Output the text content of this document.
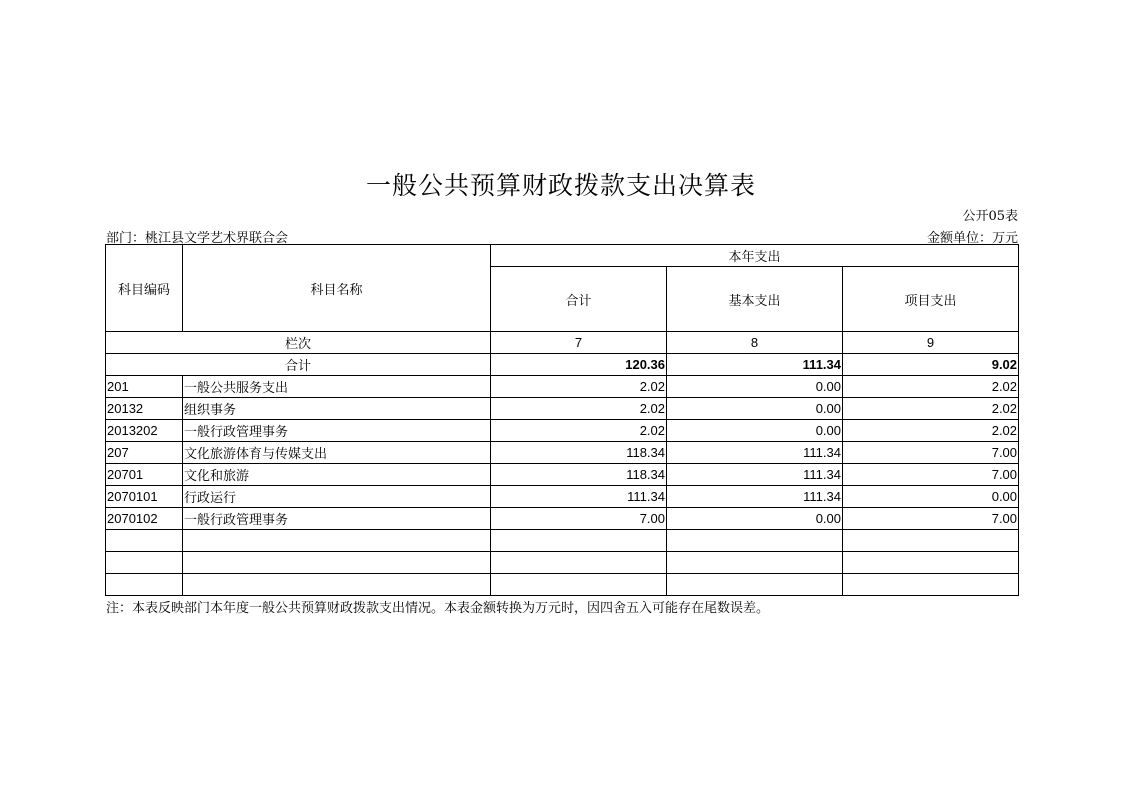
一般公共预算财政拨款支出决算表
公开05表
部门：桃江县文学艺术界联合会	金额单位：万元
科目编码	科目名称	本年支出		
		合计	基本支出	项目支出
栏次		7	8	9
合计		120.36	111.34	9.02
201	一般公共服务支出	2.02	0.00	2.02
20132	组织事务	2.02	0.00	2.02
2013202	一般行政管理事务	2.02	0.00	2.02
207	文化旅游体育与传媒支出	118.34	111.34	7.00
20701	文化和旅游	118.34	111.34	7.00
2070101	行政运行	111.34	111.34	0.00
2070102	一般行政管理事务	7.00	0.00	7.00

注：本表反映部门本年度一般公共预算财政拨款支出情况。本表金额转换为万元时，因四舍五入可能存在尾数误差。
